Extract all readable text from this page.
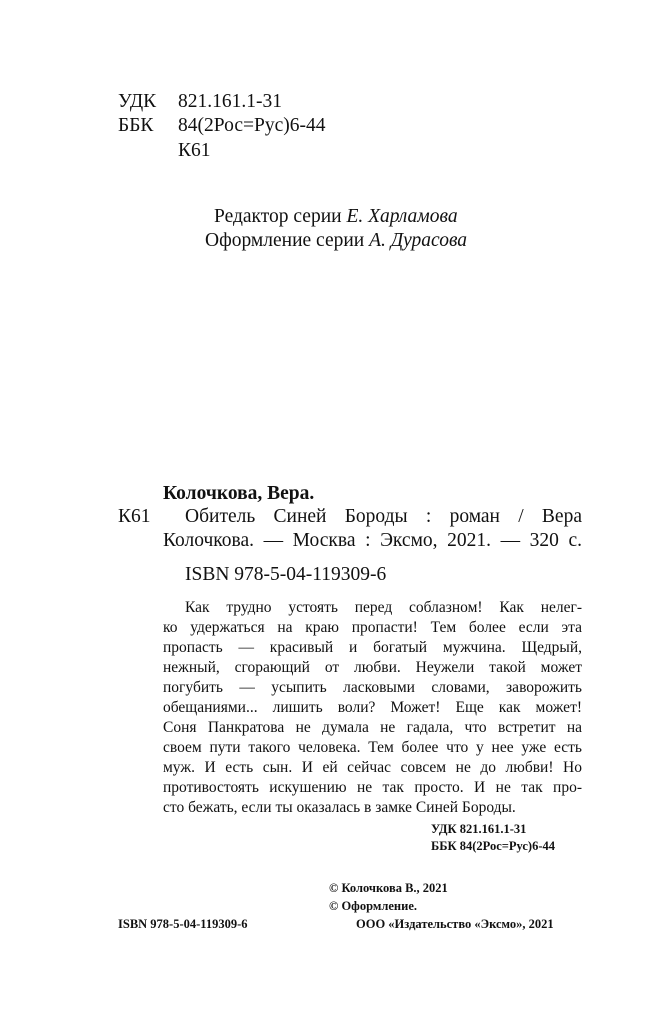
УДК 821.161.1-31
ББК 84(2Рос=Рус)6-44
К61
Редактор серии Е. Харламова
Оформление серии А. Дурасова
Колочкова, Вера.
К61 Обитель Синей Бороды : роман / Вера
Колочкова. — Москва : Эксмо, 2021. — 320 с.
ISBN 978-5-04-119309-6
Как трудно устоять перед соблазном! Как нелег-
ко удержаться на краю пропасти! Тем более если эта
пропасть — красивый и богатый мужчина. Щедрый,
нежный, сгорающий от любви. Неужели такой может
погубить — усыпить ласковыми словами, заворожить
обещаниями... лишить воли? Может! Еще как может!
Соня Панкратова не думала не гадала, что встретит на
своем пути такого человека. Тем более что у нее уже есть
муж. И есть сын. И ей сейчас совсем не до любви! Но
противостоять искушению не так просто. И не так про-
сто бежать, если ты оказалась в замке Синей Бороды.
УДК 821.161.1-31
ББК 84(2Рос=Рус)6-44
© Колочкова В., 2021
© Оформление.
ООО «Издательство «Эксмо», 2021
ISBN 978-5-04-119309-6
